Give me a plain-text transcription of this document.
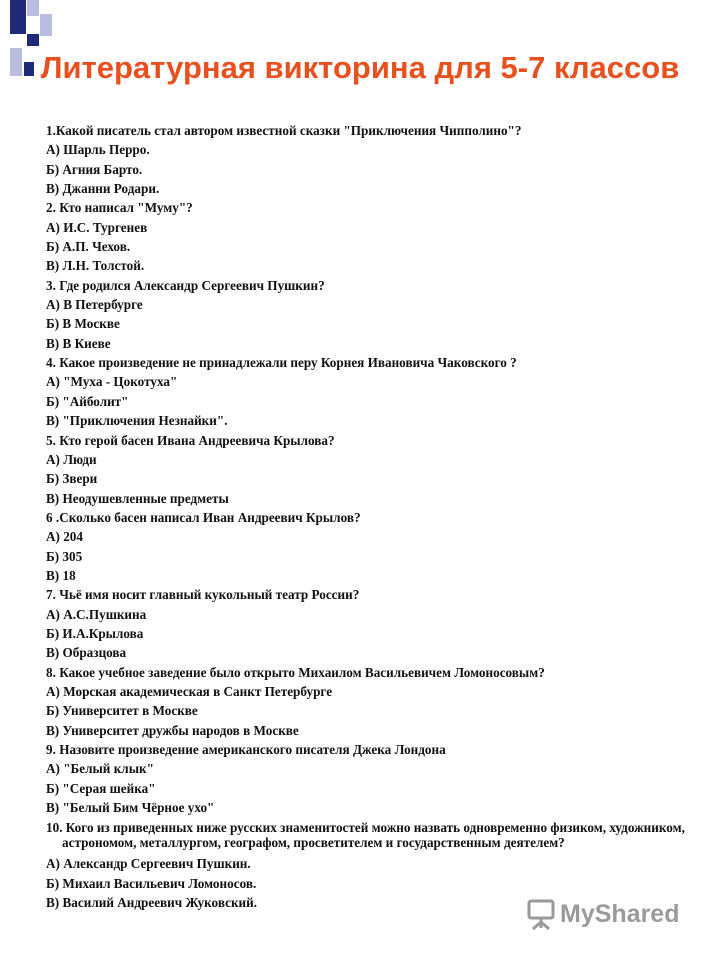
Литературная викторина для 5-7 классов
1.Какой писатель стал автором известной сказки "Приключения Чипполино"?
А) Шарль Перро.
Б) Агния Барто.
В) Джанни Родари.
2. Кто написал "Муму"?
А) И.С. Тургенев
Б) А.П. Чехов.
В) Л.Н. Толстой.
3. Где родился Александр Сергеевич Пушкин?
А) В Петербурге
Б) В Москве
В) В Киеве
4. Какое произведение не принадлежали перу Корнея Ивановича Чаковского ?
А) "Муха - Цокотуха"
Б) "Айболит"
В) "Приключения Незнайки".
5. Кто герой басен Ивана Андреевича Крылова?
А) Люди
Б) Звери
В) Неодушевленные предметы
6 .Сколько басен написал Иван Андреевич Крылов?
А) 204
Б) 305
В) 18
7. Чьё имя носит главный кукольный театр России?
А) А.С.Пушкина
Б) И.А.Крылова
В) Образцова
8. Какое учебное заведение было открыто Михаилом Васильевичем Ломоносовым?
А) Морская академическая в Санкт Петербурге
Б) Университет в Москве
В) Университет дружбы народов в Москве
9. Назовите произведение американского писателя Джека Лондона
А) "Белый клык"
Б) "Серая шейка"
В) "Белый Бим Чёрное ухо"
10. Кого из приведенных ниже русских знаменитостей можно назвать одновременно физиком, художником, астрономом, металлургом, географом, просветителем и государственным деятелем?
А) Александр Сергеевич Пушкин.
Б) Михаил Васильевич Ломоносов.
В) Василий Андреевич Жуковский.	MyShared
